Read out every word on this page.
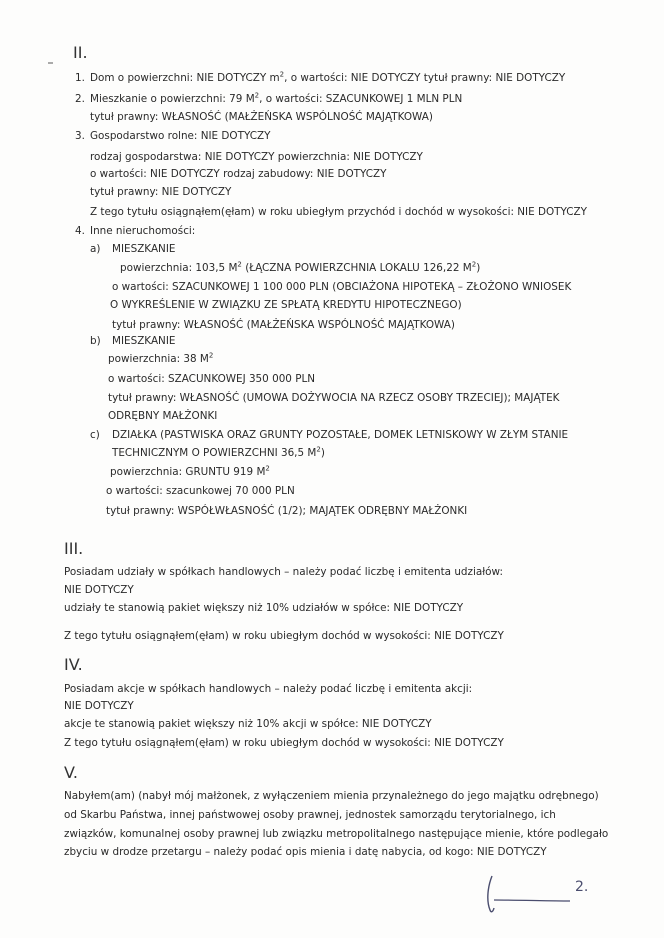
II.
1. Dom o powierzchni: NIE DOTYCZY $m^2$, o wartości: NIE DOTYCZY tytuł prawny: NIE DOTYCZY
2. Mieszkanie o powierzchni: 79 $M^2$, o wartości: SZACUNKOWEJ 1 MLN PLN
tytuł prawny: WŁASNOŚĆ (MAŁŻEŃSKA WSPÓLNOŚĆ MAJĄTKOWA)
3. Gospodarstwo rolne: NIE DOTYCZY
rodzaj gospodarstwa: NIE DOTYCZY powierzchnia: NIE DOTYCZY
o wartości: NIE DOTYCZY rodzaj zabudowy: NIE DOTYCZY
tytuł prawny: NIE DOTYCZY
Z tego tytułu osiągnąłem(ęłam) w roku ubiegłym przychód i dochód w wysokości: NIE DOTYCZY
4. Inne nieruchomości:
a) MIESZKANIE
powierzchnia: 103,5 $M^2$ (ŁĄCZNA POWIERZCHNIA LOKALU 126,22 $M^2$)
o wartości: SZACUNKOWEJ 1 100 000 PLN (OBCIAŻONA HIPOTEKĄ – ZŁOŻONO WNIOSEK
O WYKREŚLENIE W ZWIĄZKU ZE SPŁATĄ KREDYTU HIPOTECZNEGO)
tytuł prawny: WŁASNOŚĆ (MAŁŻEŃSKA WSPÓLNOŚĆ MAJĄTKOWA)
b) MIESZKANIE
powierzchnia: 38 $M^2$
o wartości: SZACUNKOWEJ 350 000 PLN
tytuł prawny: WŁASNOŚĆ (UMOWA DOŻYWOCIA NA RZECZ OSOBY TRZECIEJ); MAJĄTEK
ODRĘBNY MAŁŻONKI
c) DZIAŁKA (PASTWISKA ORAZ GRUNTY POZOSTAŁE, DOMEK LETNISKOWY W ZŁYM STANIE
TECHNICZNYM O POWIERZCHNI 36,5 $M^2$)
powierzchnia: GRUNTU 919 $M^2$
o wartości: szacunkowej 70 000 PLN
tytuł prawny: WSPÓŁWŁASNOŚĆ (1/2); MAJĄTEK ODRĘBNY MAŁŻONKI
III.
Posiadam udziały w spółkach handlowych – należy podać liczbę i emitenta udziałów:
NIE DOTYCZY
udziały te stanowią pakiet większy niż 10% udziałów w spółce: NIE DOTYCZY
Z tego tytułu osiągnąłem(ęłam) w roku ubiegłym dochód w wysokości: NIE DOTYCZY
IV.
Posiadam akcje w spółkach handlowych – należy podać liczbę i emitenta akcji:
NIE DOTYCZY
akcje te stanowią pakiet większy niż 10% akcji w spółce: NIE DOTYCZY
Z tego tytułu osiągnąłem(ęłam) w roku ubiegłym dochód w wysokości: NIE DOTYCZY
V.
Nabyłem(am) (nabył mój małżonek, z wyłączeniem mienia przynależnego do jego majątku odrębnego)
od Skarbu Państwa, innej państwowej osoby prawnej, jednostek samorządu terytorialnego, ich
związków, komunalnej osoby prawnej lub związku metropolitalnego następujące mienie, które podlegało
zbyciu w drodze przetargu – należy podać opis mienia i datę nabycia, od kogo: NIE DOTYCZY
2.
